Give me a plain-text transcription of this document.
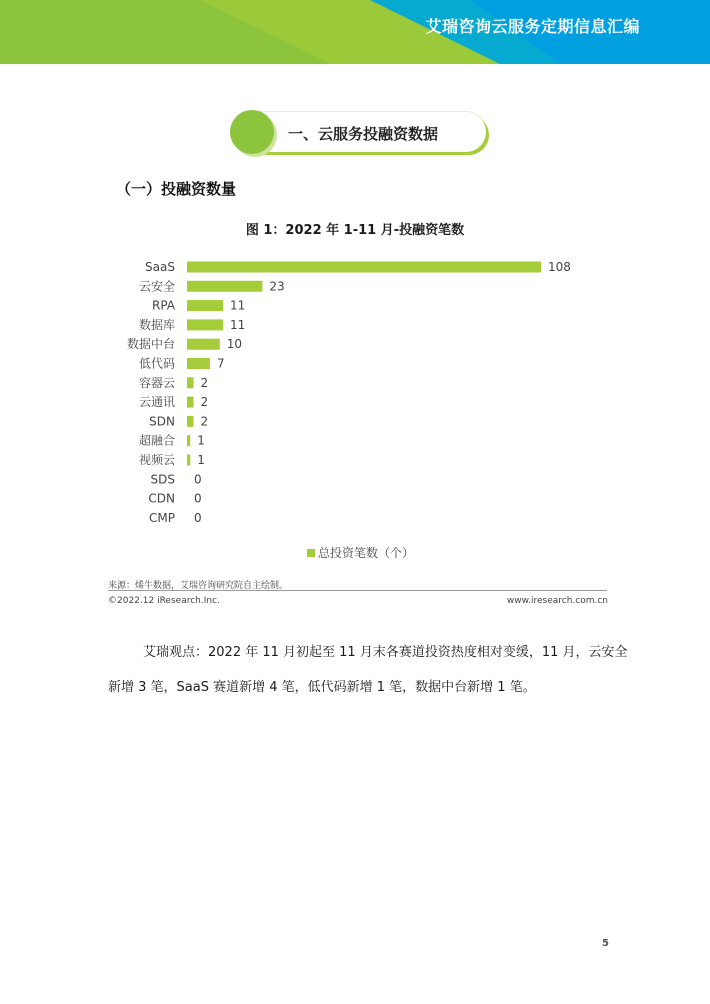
艾瑞咨询云服务定期信息汇编
一、云服务投融资数据
（一）投融资数量
图 1：2022 年 1-11 月-投融资笔数
SaaS	108
云安全	23
RPA	11
数据库	11
数据中台	10
低代码	7
容器云 2
云通讯 2
SDN 2
超融合 1
视频云 1
SDS 0
CDN 0
CMP 0
总投资笔数（个）
来源：烯牛数据，艾瑞咨询研究院自主绘制。
©2022.12 iResearch.Inc.	www.iresearch.com.cn
艾瑞观点：2022 年 11 月初起至 11 月末各赛道投资热度相对变缓，11 月，云安全
新增 3 笔，SaaS 赛道新增 4 笔，低代码新增 1 笔，数据中台新增 1 笔。
5
